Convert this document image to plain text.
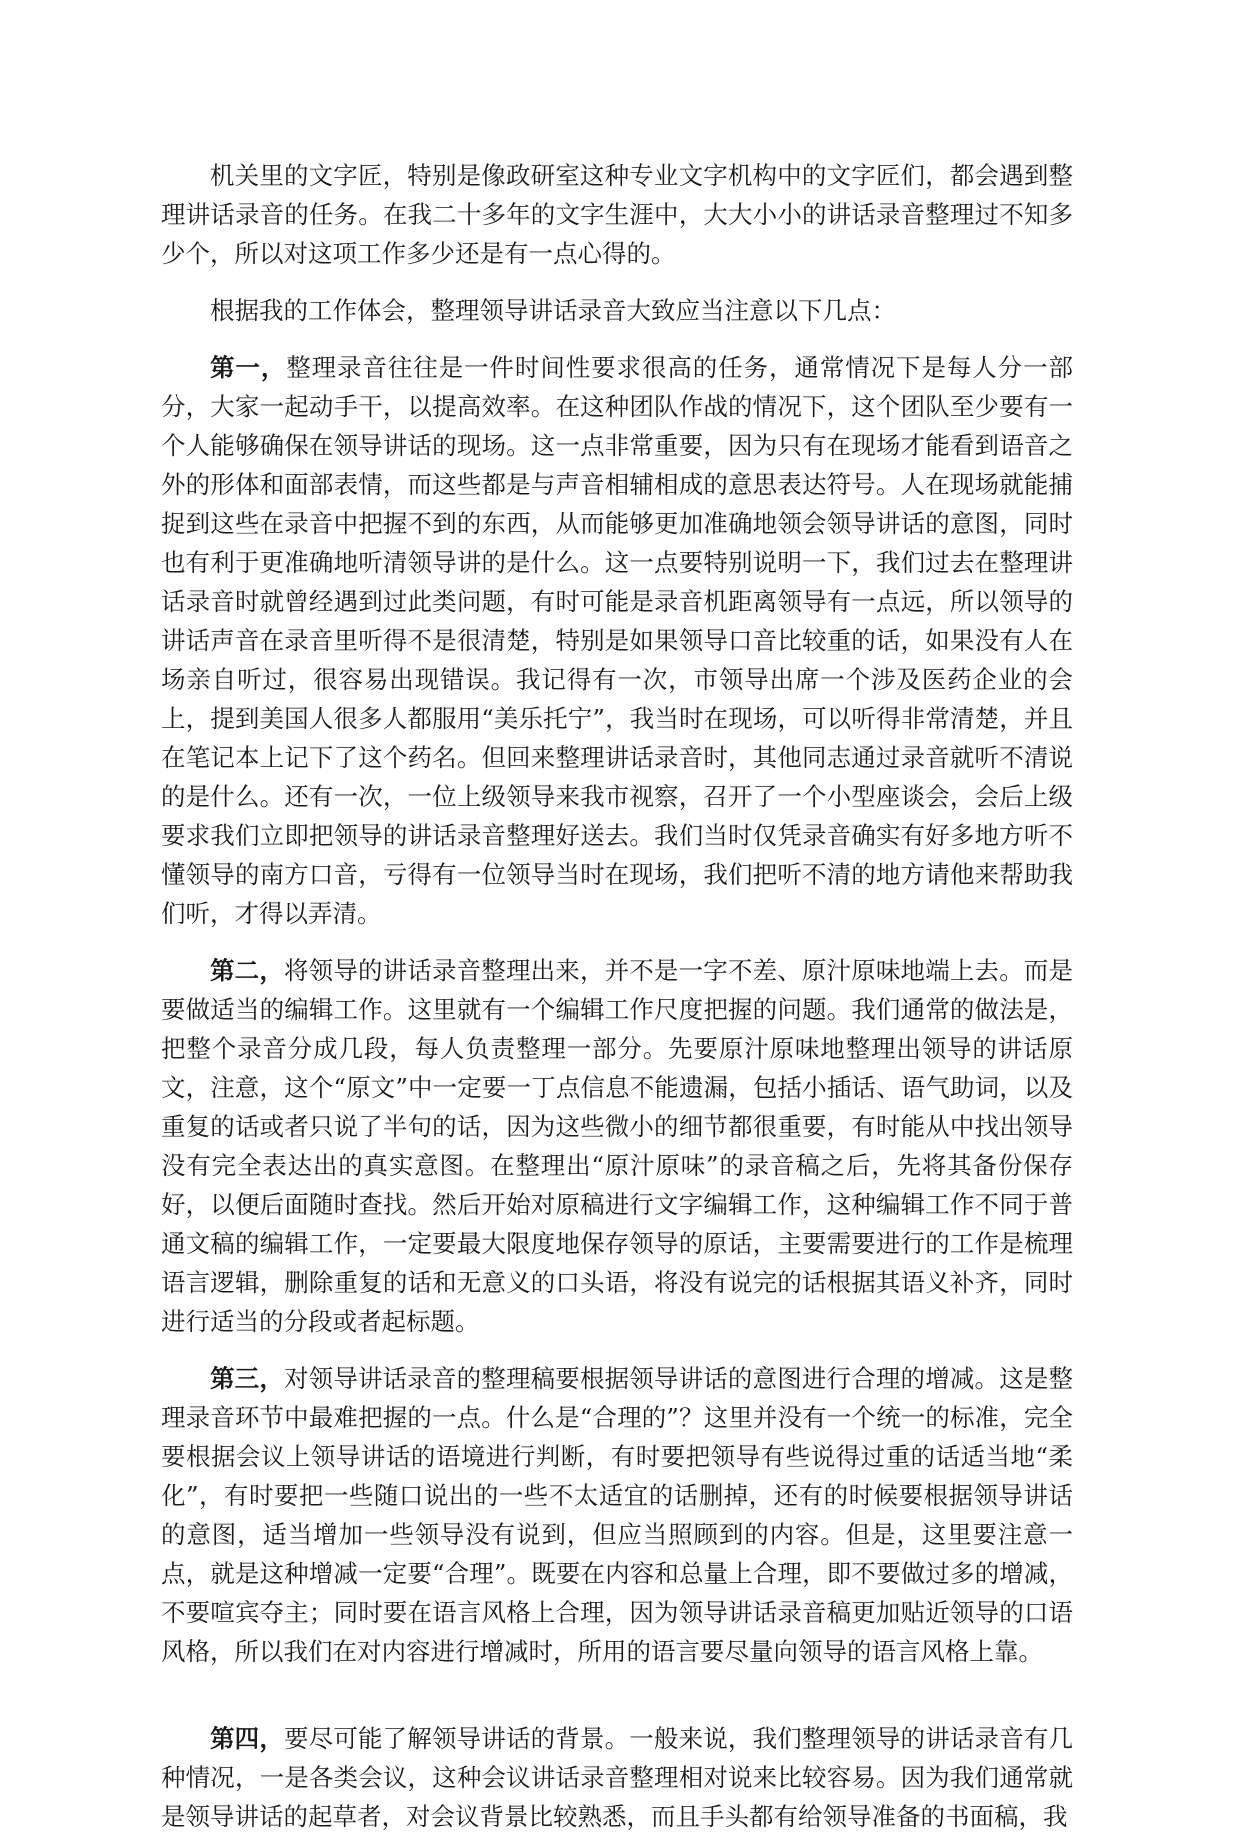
机关里的文字匠，特别是像政研室这种专业文字机构中的文字匠们，都会遇到整理讲话录音的任务。在我二十多年的文字生涯中，大大小小的讲话录音整理过不知多少个，所以对这项工作多少还是有一点心得的。

根据我的工作体会，整理领导讲话录音大致应当注意以下几点：

第一，整理录音往往是一件时间性要求很高的任务，通常情况下是每人分一部分，大家一起动手干，以提高效率。在这种团队作战的情况下，这个团队至少要有一个人能够确保在领导讲话的现场。这一点非常重要，因为只有在现场才能看到语音之外的形体和面部表情，而这些都是与声音相辅相成的意思表达符号。人在现场就能捕捉到这些在录音中把握不到的东西，从而能够更加准确地领会领导讲话的意图，同时也有利于更准确地听清领导讲的是什么。这一点要特别说明一下，我们过去在整理讲话录音时就曾经遇到过此类问题，有时可能是录音机距离领导有一点远，所以领导的讲话声音在录音里听得不是很清楚，特别是如果领导口音比较重的话，如果没有人在场亲自听过，很容易出现错误。我记得有一次，市领导出席一个涉及医药企业的会上，提到美国人很多人都服用“美乐托宁”，我当时在现场，可以听得非常清楚，并且在笔记本上记下了这个药名。但回来整理讲话录音时，其他同志通过录音就听不清说的是什么。还有一次，一位上级领导来我市视察，召开了一个小型座谈会，会后上级要求我们立即把领导的讲话录音整理好送去。我们当时仅凭录音确实有好多地方听不懂领导的南方口音，亏得有一位领导当时在现场，我们把听不清的地方请他来帮助我们听，才得以弄清。

第二，将领导的讲话录音整理出来，并不是一字不差、原汁原味地端上去。而是要做适当的编辑工作。这里就有一个编辑工作尺度把握的问题。我们通常的做法是，把整个录音分成几段，每人负责整理一部分。先要原汁原味地整理出领导的讲话原文，注意，这个“原文”中一定要一丁点信息不能遗漏，包括小插话、语气助词，以及重复的话或者只说了半句的话，因为这些微小的细节都很重要，有时能从中找出领导没有完全表达出的真实意图。在整理出“原汁原味”的录音稿之后，先将其备份保存好，以便后面随时查找。然后开始对原稿进行文字编辑工作，这种编辑工作不同于普通文稿的编辑工作，一定要最大限度地保存领导的原话，主要需要进行的工作是梳理语言逻辑，删除重复的话和无意义的口头语，将没有说完的话根据其语义补齐，同时进行适当的分段或者起标题。

第三，对领导讲话录音的整理稿要根据领导讲话的意图进行合理的增减。这是整理录音环节中最难把握的一点。什么是“合理的”？这里并没有一个统一的标准，完全要根据会议上领导讲话的语境进行判断，有时要把领导有些说得过重的话适当地“柔化”，有时要把一些随口说出的一些不太适宜的话删掉，还有的时候要根据领导讲话的意图，适当增加一些领导没有说到，但应当照顾到的内容。但是，这里要注意一点，就是这种增减一定要“合理”。既要在内容和总量上合理，即不要做过多的增减，不要喧宾夺主；同时要在语言风格上合理，因为领导讲话录音稿更加贴近领导的口语风格，所以我们在对内容进行增减时，所用的语言要尽量向领导的语言风格上靠。

第四，要尽可能了解领导讲话的背景。一般来说，我们整理领导的讲话录音有几种情况，一是各类会议，这种会议讲话录音整理相对说来比较容易。因为我们通常就是领导讲话的起草者，对会议背景比较熟悉，而且手头都有给领导准备的书面稿，我
